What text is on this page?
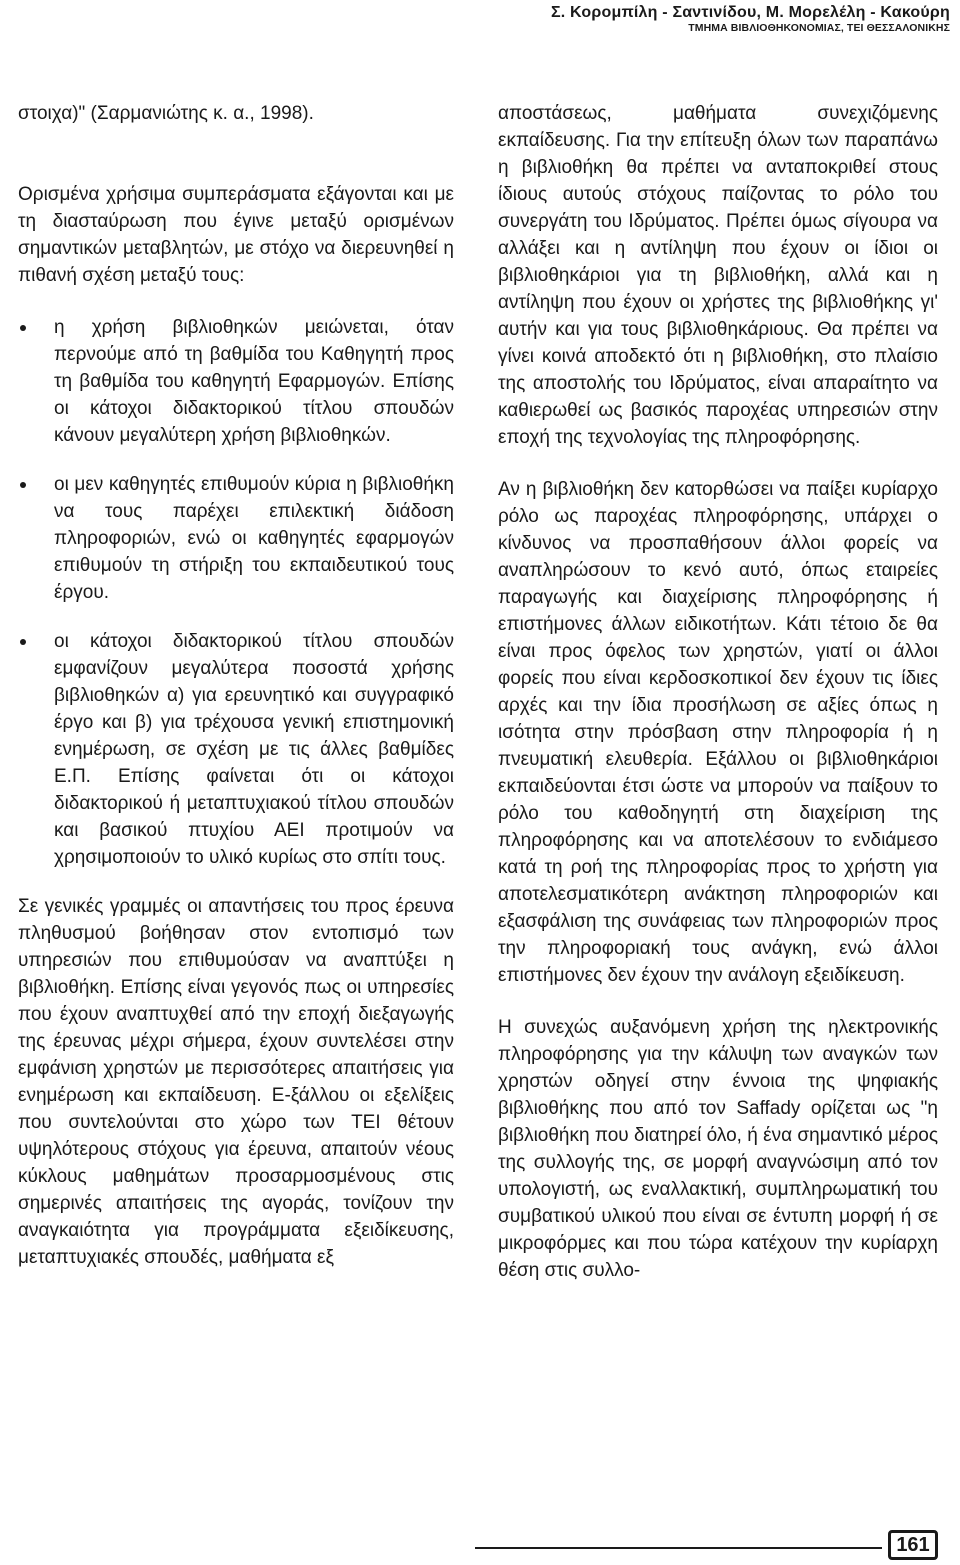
Σ. Κορομπίλη - Σαντινίδου, Μ. Μορελέλη - Κακούρη
ΤΜΗΜΑ ΒΙΒΛΙΟΘΗΚΟΝΟΜΙΑΣ, ΤΕΙ ΘΕΣΣΑΛΟΝΙΚΗΣ

στοιχα)" (Σαρμανιώτης κ. α., 1998).

Ορισμένα χρήσιμα συμπεράσματα εξάγονται και με τη διασταύρωση που έγινε μεταξύ ορισμένων σημαντικών μεταβλητών, με στόχο να διερευνηθεί η πιθανή σχέση μεταξύ τους:

η χρήση βιβλιοθηκών μειώνεται, όταν περνούμε από τη βαθμίδα του Καθηγητή προς τη βαθμίδα του καθηγητή Εφαρμογών. Επίσης οι κάτοχοι διδακτορικού τίτλου σπουδών κάνουν μεγαλύτερη χρήση βιβλιοθηκών.
οι μεν καθηγητές επιθυμούν κύρια η βιβλιοθήκη να τους παρέχει επιλεκτική διάδοση πληροφοριών, ενώ οι καθηγητές εφαρμογών επιθυμούν τη στήριξη του εκπαιδευτικού τους έργου.
οι κάτοχοι διδακτορικού τίτλου σπουδών εμφανίζουν μεγαλύτερα ποσοστά χρήσης βιβλιοθηκών α) για ερευνητικό και συγγραφικό έργο και β) για τρέχουσα γενική επιστημονική ενημέρωση, σε σχέση με τις άλλες βαθμίδες Ε.Π. Επίσης φαίνεται ότι οι κάτοχοι διδακτορικού ή μεταπτυχιακού τίτλου σπουδών και βασικού πτυχίου ΑΕΙ προτιμούν να χρησιμοποιούν το υλικό κυρίως στο σπίτι τους.

Σε γενικές γραμμές οι απαντήσεις του προς έρευνα πληθυσμού βοήθησαν στον εντοπισμό των υπηρεσιών που επιθυμούσαν να αναπτύξει η βιβλιοθήκη. Επίσης είναι γεγονός πως οι υπηρεσίες που έχουν αναπτυχθεί από την εποχή διεξαγωγής της έρευνας μέχρι σήμερα, έχουν συντελέσει στην εμφάνιση χρηστών με περισσότερες απαιτήσεις για ενημέρωση και εκπαίδευση. Ε-ξάλλου οι εξελίξεις που συντελούνται στο χώρο των ΤΕΙ θέτουν υψηλότερους στόχους για έρευνα, απαιτούν νέους κύκλους μαθημάτων προσαρμοσμένους στις σημερινές απαιτήσεις της αγοράς, τονίζουν την αναγκαιότητα για προγράμματα εξειδίκευσης, μεταπτυχιακές σπουδές, μαθήματα εξ

αποστάσεως, μαθήματα συνεχιζόμενης εκπαίδευσης. Για την επίτευξη όλων των παραπάνω η βιβλιοθήκη θα πρέπει να ανταποκριθεί στους ίδιους αυτούς στόχους παίζοντας το ρόλο του συνεργάτη του Ιδρύματος. Πρέπει όμως σίγουρα να αλλάξει και η αντίληψη που έχουν οι ίδιοι οι βιβλιοθηκάριοι για τη βιβλιοθήκη, αλλά και η αντίληψη που έχουν οι χρήστες της βιβλιοθήκης γι' αυτήν και για τους βιβλιοθηκάριους. Θα πρέπει να γίνει κοινά αποδεκτό ότι η βιβλιοθήκη, στο πλαίσιο της αποστολής του Ιδρύματος, είναι απαραίτητο να καθιερωθεί ως βασικός παροχέας υπηρεσιών στην εποχή της τεχνολογίας της πληροφόρησης.

Αν η βιβλιοθήκη δεν κατορθώσει να παίξει κυρίαρχο ρόλο ως παροχέας πληροφόρησης, υπάρχει ο κίνδυνος να προσπαθήσουν άλλοι φορείς να αναπληρώσουν το κενό αυτό, όπως εταιρείες παραγωγής και διαχείρισης πληροφόρησης ή επιστήμονες άλλων ειδικοτήτων. Κάτι τέτοιο δε θα είναι προς όφελος των χρηστών, γιατί οι άλλοι φορείς που είναι κερδοσκοπικοί δεν έχουν τις ίδιες αρχές και την ίδια προσήλωση σε αξίες όπως η ισότητα στην πρόσβαση στην πληροφορία ή η πνευματική ελευθερία. Εξάλλου οι βιβλιοθηκάριοι εκπαιδεύονται έτσι ώστε να μπορούν να παίξουν το ρόλο του καθοδηγητή στη διαχείριση της πληροφόρησης και να αποτελέσουν το ενδιάμεσο κατά τη ροή της πληροφορίας προς το χρήστη για αποτελεσματικότερη ανάκτηση πληροφοριών και εξασφάλιση της συνάφειας των πληροφοριών προς την πληροφοριακή τους ανάγκη, ενώ άλλοι επιστήμονες δεν έχουν την ανάλογη εξειδίκευση.

Η συνεχώς αυξανόμενη χρήση της ηλεκτρονικής πληροφόρησης για την κάλυψη των αναγκών των χρηστών οδηγεί στην έννοια της ψηφιακής βιβλιοθήκης που από τον Saffady ορίζεται ως "η βιβλιοθήκη που διατηρεί όλο, ή ένα σημαντικό μέρος της συλλογής της, σε μορφή αναγνώσιμη από τον υπολογιστή, ως εναλλακτική, συμπληρωματική του συμβατικού υλικού που είναι σε έντυπη μορφή ή σε μικροφόρμες και που τώρα κατέχουν την κυρίαρχη θέση στις συλλο-

161
